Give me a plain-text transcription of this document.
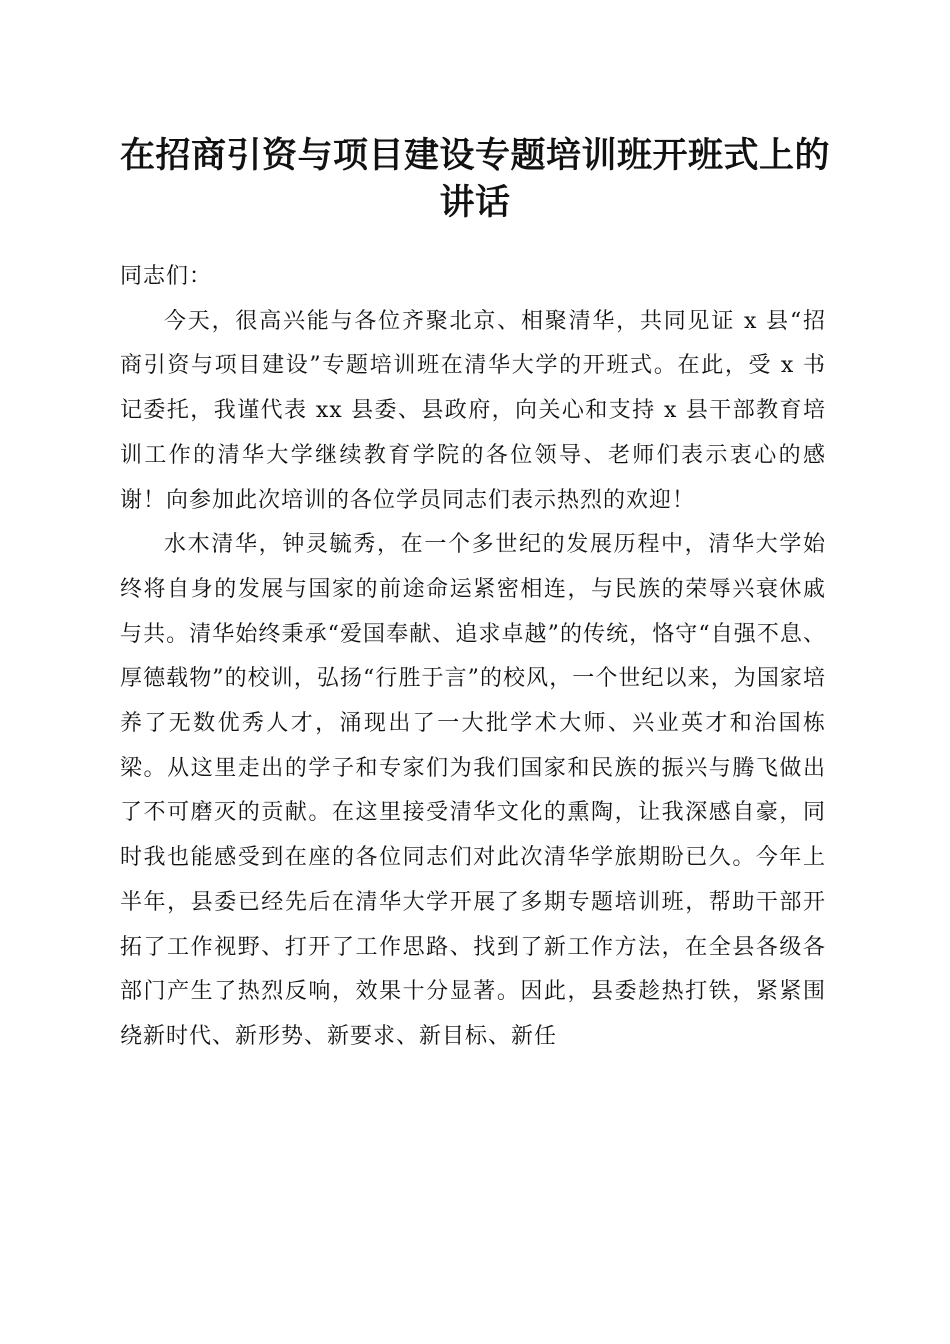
在招商引资与项目建设专题培训班开班式上的
讲话

同志们：

今天，很高兴能与各位齐聚北京、相聚清华，共同见证 x 县“招商引资与项目建设”专题培训班在清华大学的开班式。在此，受 x 书记委托，我谨代表 xx 县委、县政府，向关心和支持 x 县干部教育培训工作的清华大学继续教育学院的各位领导、老师们表示衷心的感谢！向参加此次培训的各位学员同志们表示热烈的欢迎！

水木清华，钟灵毓秀，在一个多世纪的发展历程中，清华大学始终将自身的发展与国家的前途命运紧密相连，与民族的荣辱兴衰休戚与共。清华始终秉承“爱国奉献、追求卓越”的传统，恪守“自强不息、厚德载物”的校训，弘扬“行胜于言”的校风，一个世纪以来，为国家培养了无数优秀人才，涌现出了一大批学术大师、兴业英才和治国栋梁。从这里走出的学子和专家们为我们国家和民族的振兴与腾飞做出了不可磨灭的贡献。在这里接受清华文化的熏陶，让我深感自豪，同时我也能感受到在座的各位同志们对此次清华学旅期盼已久。今年上半年，县委已经先后在清华大学开展了多期专题培训班，帮助干部开拓了工作视野、打开了工作思路、找到了新工作方法，在全县各级各部门产生了热烈反响，效果十分显著。因此，县委趁热打铁，紧紧围绕新时代、新形势、新要求、新目标、新任
